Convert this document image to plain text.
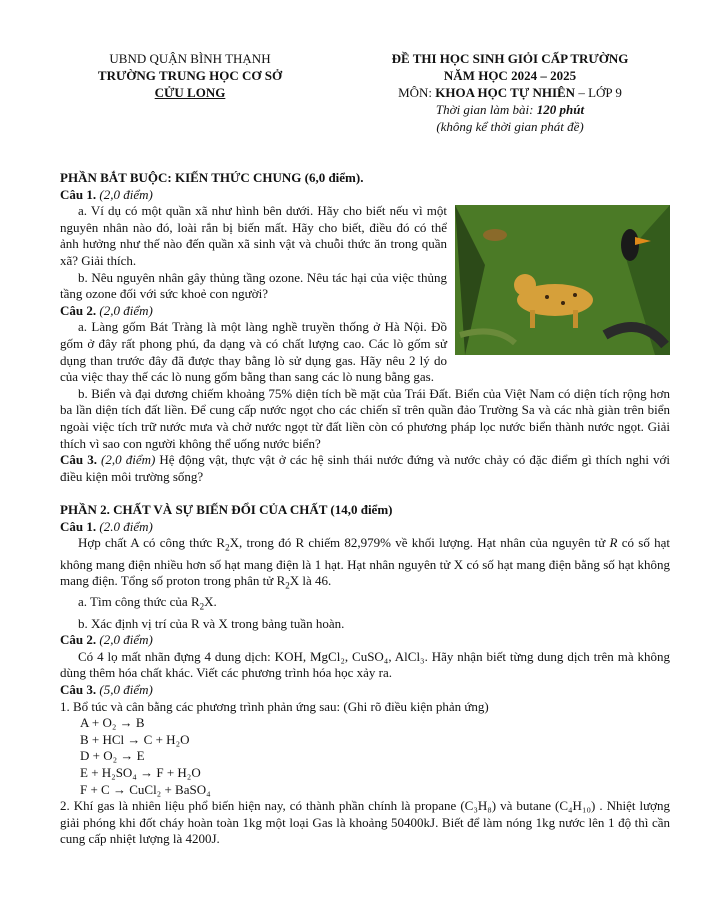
UBND QUẬN BÌNH THẠNH
TRƯỜNG TRUNG HỌC CƠ SỞ
CỬU LONG
ĐỀ THI HỌC SINH GIỎI CẤP TRƯỜNG
NĂM HỌC 2024 – 2025
MÔN: KHOA HỌC TỰ NHIÊN – LỚP 9
Thời gian làm bài: 120 phút
(không kể thời gian phát đề)

PHẦN BẮT BUỘC: KIẾN THỨC CHUNG (6,0 điểm).

Câu 1. (2,0 điểm)

a. Ví dụ có một quần xã như hình bên dưới. Hãy cho biết nếu vì một nguyên nhân nào đó, loài rắn bị biến mất. Hãy cho biết, điều đó có thể ảnh hưởng như thế nào đến quần xã sinh vật và chuỗi thức ăn trong quần xã? Giải thích.

b. Nêu nguyên nhân gây thủng tầng ozone. Nêu tác hại của việc thủng tầng ozone đối với sức khoẻ con người?

Câu 2. (2,0 điểm)

a. Làng gốm Bát Tràng là một làng nghề truyền thống ở Hà Nội. Đồ gốm ở đây rất phong phú, đa dạng và có chất lượng cao. Các lò gốm sử dụng than trước đây đã được thay bằng lò sử dụng gas. Hãy nêu 2 lý do của việc thay thế các lò nung gốm bằng than sang các lò nung bằng gas.

b. Biển và đại dương chiếm khoảng 75% diện tích bề mặt của Trái Đất. Biển của Việt Nam có diện tích rộng hơn ba lần diện tích đất liền. Để cung cấp nước ngọt cho các chiến sĩ trên quần đảo Trường Sa và các nhà giàn trên biển ngoài việc tích trữ nước mưa và chở nước ngọt từ đất liền còn có phương pháp lọc nước biển thành nước ngọt. Giải thích vì sao con người không thể uống nước biển?

Câu 3. (2,0 điểm) Hệ động vật, thực vật ở các hệ sinh thái nước đứng và nước chảy có đặc điểm gì thích nghi với điều kiện môi trường sống?

PHẦN 2. CHẤT VÀ SỰ BIẾN ĐỔI CỦA CHẤT (14,0 điểm)

Câu 1. (2.0 điểm)

Hợp chất A có công thức $R_2X$, trong đó R chiếm 82,979% về khối lượng. Hạt nhân của nguyên tử R có số hạt không mang điện nhiều hơn số hạt mang điện là 1 hạt. Hạt nhân nguyên tử X có số hạt mang điện bằng số hạt không mang điện. Tổng số proton trong phân tử $R_2X$ là 46.

a. Tìm công thức của $R_2X$.

b. Xác định vị trí của R và X trong bảng tuần hoàn.

Câu 2. (2,0 điểm)

Có 4 lọ mất nhãn đựng 4 dung dịch: KOH, MgCl₂, CuSO₄, AlCl₃. Hãy nhận biết từng dung dịch trên mà không dùng thêm hóa chất khác. Viết các phương trình hóa học xảy ra.

Câu 3. (5,0 điểm)

1. Bổ túc và cân bằng các phương trình phản ứng sau: (Ghi rõ điều kiện phản ứng)

A + O₂ → B

B + HCl → C + H₂O

D + O₂ → E

E + H₂SO₄ → F + H₂O

F + C → CuCl₂ + BaSO₄

2. Khí gas là nhiên liệu phổ biến hiện nay, có thành phần chính là propane (C₃H₈) và butane (C₄H₁₀) . Nhiệt lượng giải phóng khi đốt cháy hoàn toàn 1kg một loại Gas là khoảng 50400kJ. Biết để làm nóng 1kg nước lên 1 độ thì cần cung cấp nhiệt lượng là 4200J.
